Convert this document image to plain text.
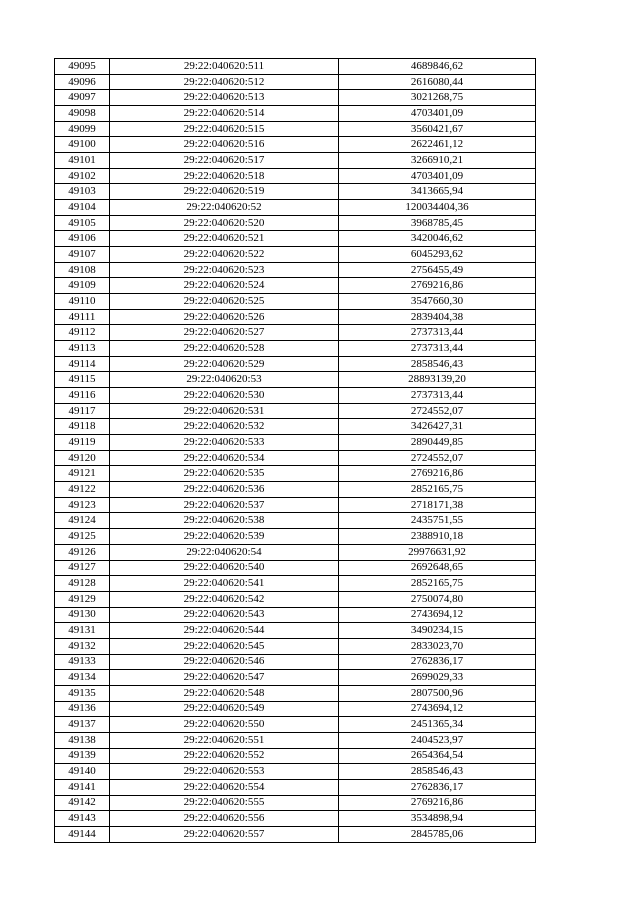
49095	29:22:040620:511	4689846,62
49096	29:22:040620:512	2616080,44
49097	29:22:040620:513	3021268,75
49098	29:22:040620:514	4703401,09
49099	29:22:040620:515	3560421,67
49100	29:22:040620:516	2622461,12
49101	29:22:040620:517	3266910,21
49102	29:22:040620:518	4703401,09
49103	29:22:040620:519	3413665,94
49104	29:22:040620:52	120034404,36
49105	29:22:040620:520	3968785,45
49106	29:22:040620:521	3420046,62
49107	29:22:040620:522	6045293,62
49108	29:22:040620:523	2756455,49
49109	29:22:040620:524	2769216,86
49110	29:22:040620:525	3547660,30
49111	29:22:040620:526	2839404,38
49112	29:22:040620:527	2737313,44
49113	29:22:040620:528	2737313,44
49114	29:22:040620:529	2858546,43
49115	29:22:040620:53	28893139,20
49116	29:22:040620:530	2737313,44
49117	29:22:040620:531	2724552,07
49118	29:22:040620:532	3426427,31
49119	29:22:040620:533	2890449,85
49120	29:22:040620:534	2724552,07
49121	29:22:040620:535	2769216,86
49122	29:22:040620:536	2852165,75
49123	29:22:040620:537	2718171,38
49124	29:22:040620:538	2435751,55
49125	29:22:040620:539	2388910,18
49126	29:22:040620:54	29976631,92
49127	29:22:040620:540	2692648,65
49128	29:22:040620:541	2852165,75
49129	29:22:040620:542	2750074,80
49130	29:22:040620:543	2743694,12
49131	29:22:040620:544	3490234,15
49132	29:22:040620:545	2833023,70
49133	29:22:040620:546	2762836,17
49134	29:22:040620:547	2699029,33
49135	29:22:040620:548	2807500,96
49136	29:22:040620:549	2743694,12
49137	29:22:040620:550	2451365,34
49138	29:22:040620:551	2404523,97
49139	29:22:040620:552	2654364,54
49140	29:22:040620:553	2858546,43
49141	29:22:040620:554	2762836,17
49142	29:22:040620:555	2769216,86
49143	29:22:040620:556	3534898,94
49144	29:22:040620:557	2845785,06
